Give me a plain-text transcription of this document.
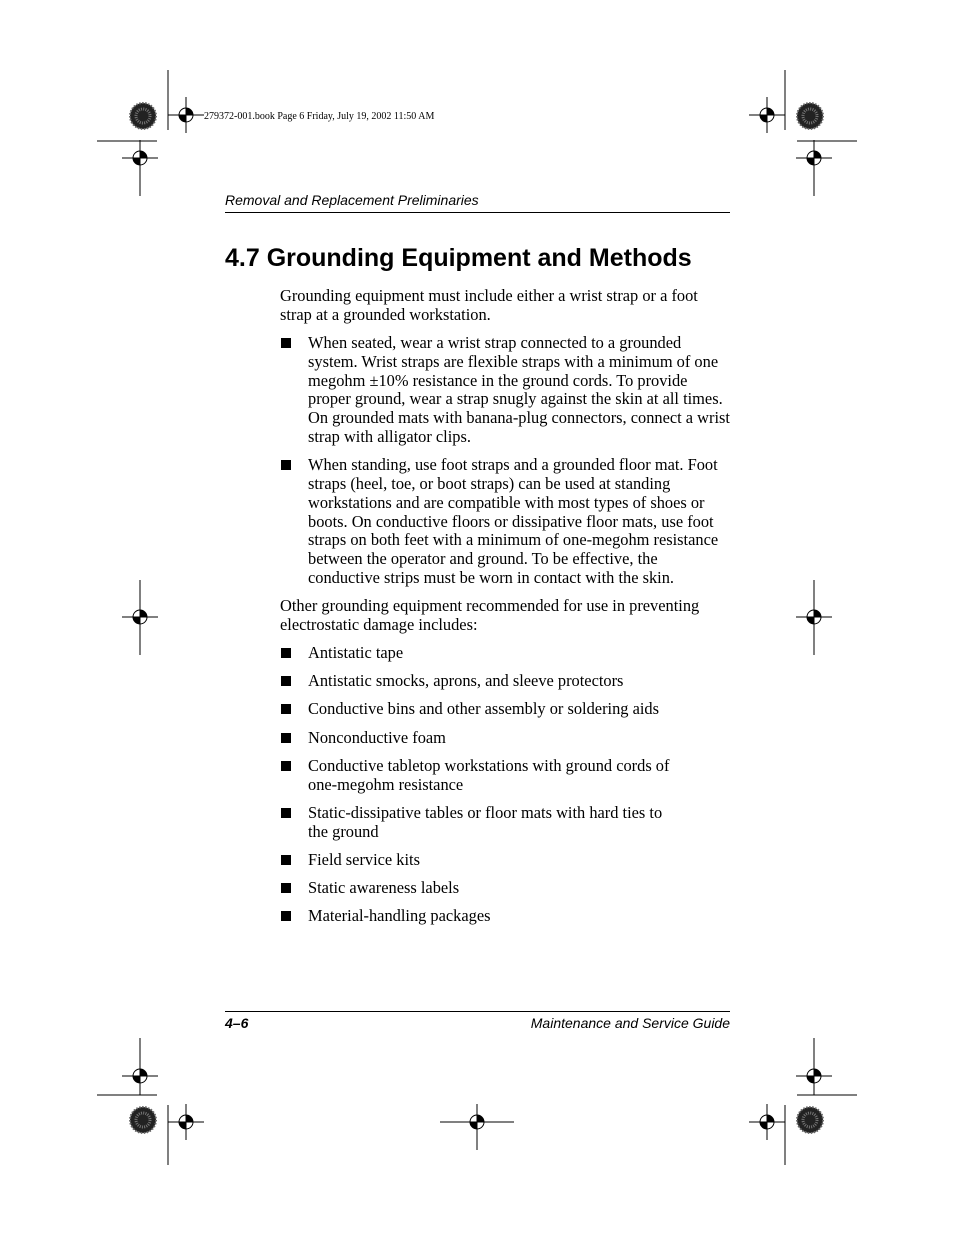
279372-001.book Page 6 Friday, July 19, 2002 11:50 AM
Removal and Replacement Preliminaries
4.7 Grounding Equipment and Methods

Grounding equipment must include either a wrist strap or a foot strap at a grounded workstation.

When seated, wear a wrist strap connected to a grounded system. Wrist straps are flexible straps with a minimum of one megohm ±10% resistance in the ground cords. To provide proper ground, wear a strap snugly against the skin at all times. On grounded mats with banana-plug connectors, connect a wrist strap with alligator clips.
When standing, use foot straps and a grounded floor mat. Foot straps (heel, toe, or boot straps) can be used at standing workstations and are compatible with most types of shoes or boots. On conductive floors or dissipative floor mats, use foot straps on both feet with a minimum of one-megohm resistance between the operator and ground. To be effective, the conductive strips must be worn in contact with the skin.

Other grounding equipment recommended for use in preventing electrostatic damage includes:

Antistatic tape
Antistatic smocks, aprons, and sleeve protectors
Conductive bins and other assembly or soldering aids
Nonconductive foam
Conductive tabletop workstations with ground cords of one-megohm resistance
Static-dissipative tables or floor mats with hard ties to the ground
Field service kits
Static awareness labels
Material-handling packages
4–6	Maintenance and Service Guide
